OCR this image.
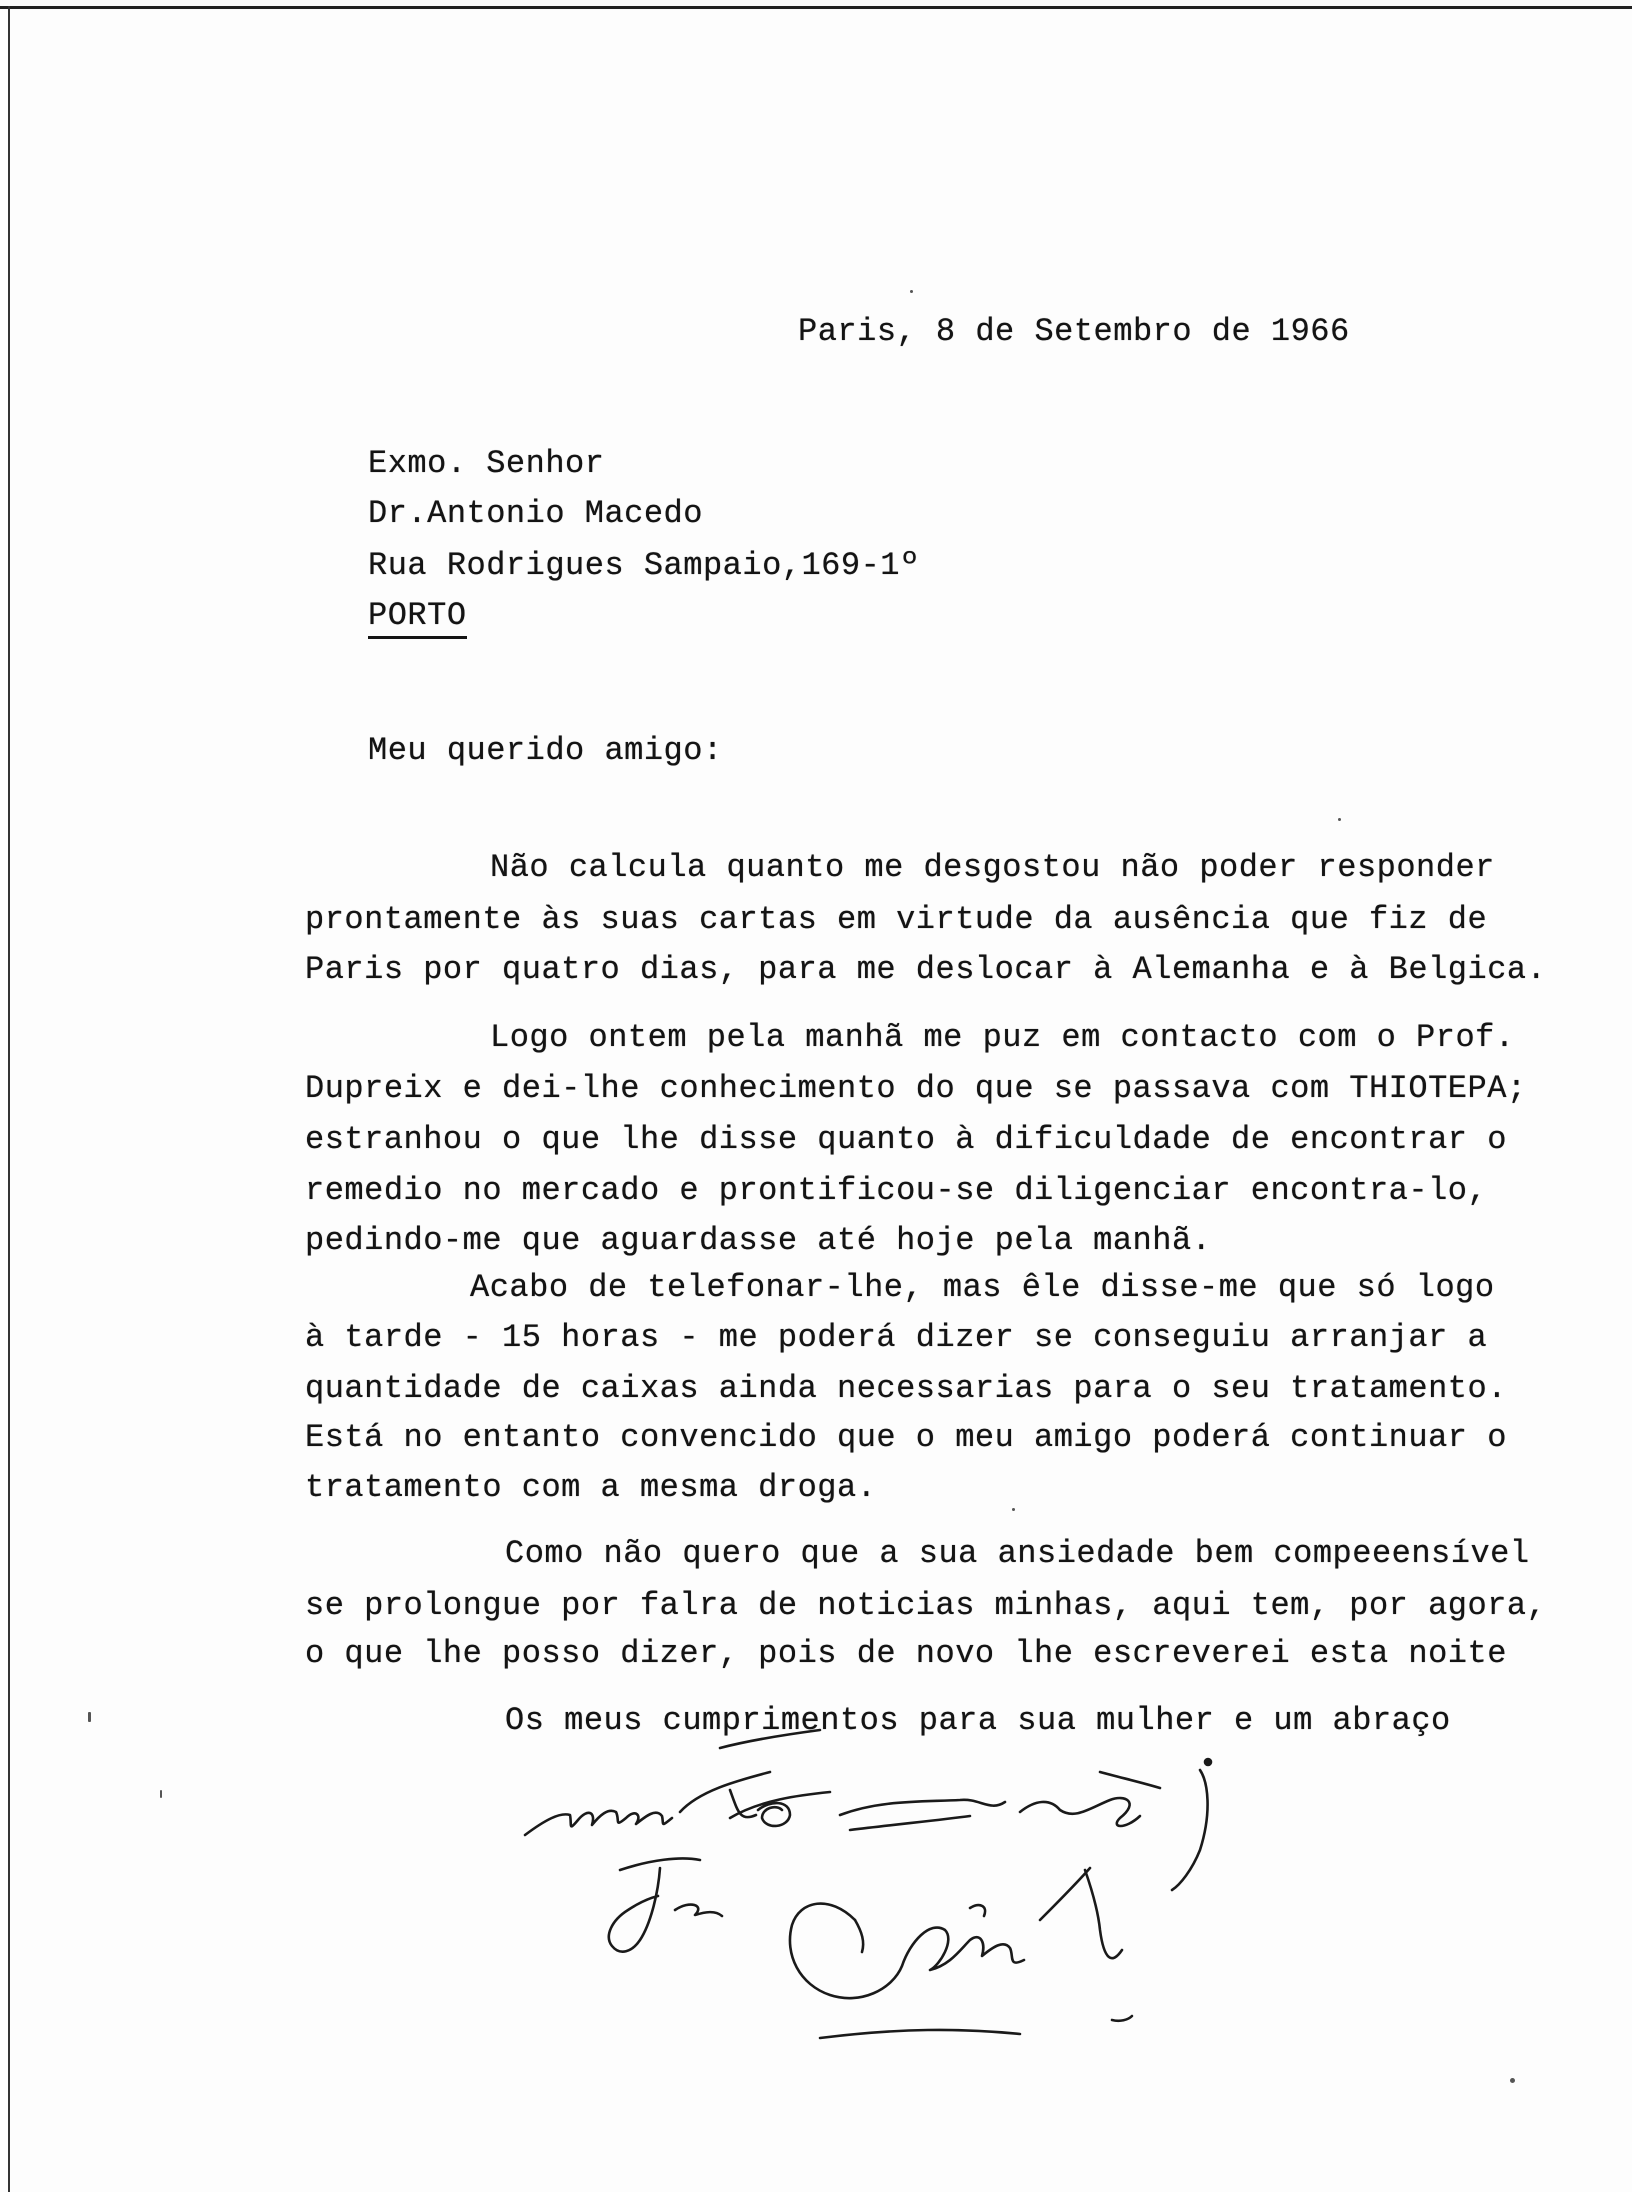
Paris, 8 de Setembro de 1966
Exmo. Senhor
Dr.Antonio Macedo
Rua Rodrigues Sampaio,169-1º
PORTO
Meu querido amigo:
Não calcula quanto me desgostou não poder responder
prontamente às suas cartas em virtude da ausência que fiz de
Paris por quatro dias, para me deslocar à Alemanha e à Belgica.
Logo ontem pela manhã me puz em contacto com o Prof.
Dupreix e dei-lhe conhecimento do que se passava com THIOTEPA;
estranhou o que lhe disse quanto à dificuldade de encontrar o
remedio no mercado e prontificou-se diligenciar encontra-lo,
pedindo-me que aguardasse até hoje pela manhã.
Acabo de telefonar-lhe, mas êle disse-me que só logo
à tarde - 15 horas - me poderá dizer se conseguiu arranjar a
quantidade de caixas ainda necessarias para o seu tratamento.
Está no entanto convencido que o meu amigo poderá continuar o
tratamento com a mesma droga.
Como não quero que a sua ansiedade bem compeeensível
se prolongue por falra de noticias minhas, aqui tem, por agora,
o que lhe posso dizer, pois de novo lhe escreverei esta noite
Os meus cumprimentos para sua mulher e um abraço
